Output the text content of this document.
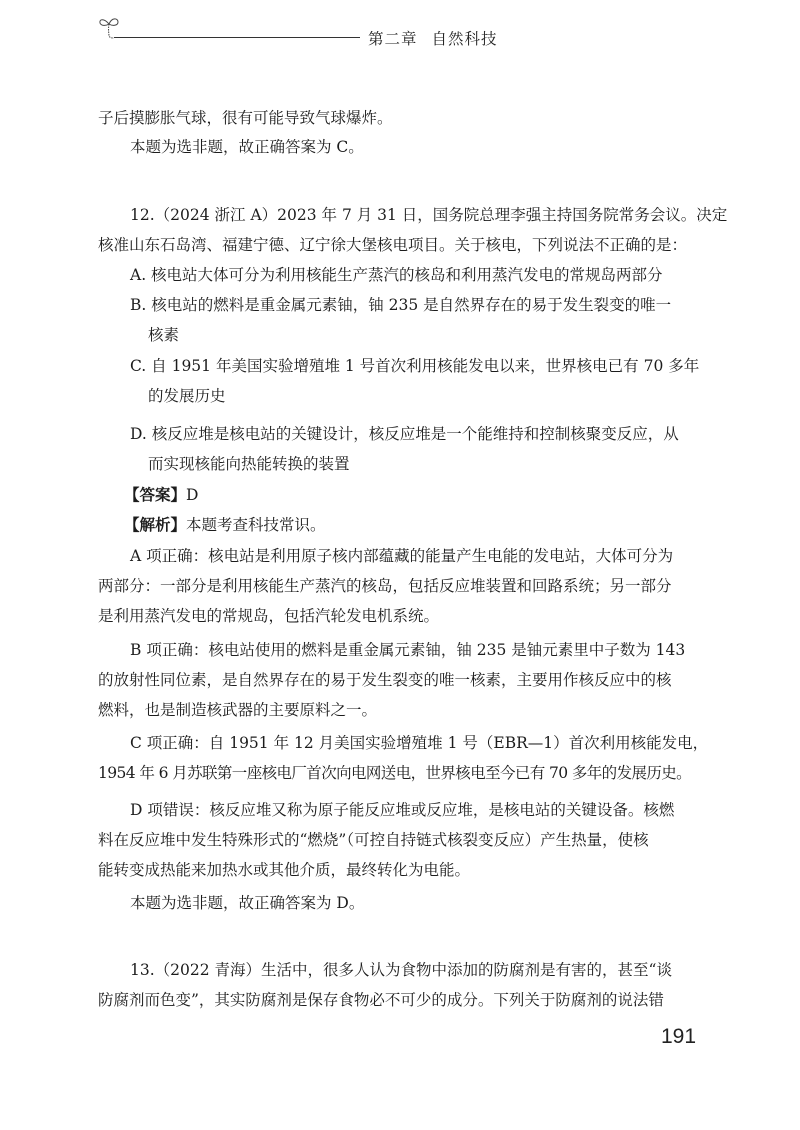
第二章 自然科技
子后摸膨胀气球，很有可能导致气球爆炸。
本题为选非题，故正确答案为 C。
12.（2024 浙江 A）2023 年 7 月 31 日，国务院总理李强主持国务院常务会议。决定
核准山东石岛湾、福建宁德、辽宁徐大堡核电项目。关于核电，下列说法不正确的是：
A. 核电站大体可分为利用核能生产蒸汽的核岛和利用蒸汽发电的常规岛两部分
B. 核电站的燃料是重金属元素铀，铀 235 是自然界存在的易于发生裂变的唯一
核素
C. 自 1951 年美国实验增殖堆 1 号首次利用核能发电以来，世界核电已有 70 多年
的发展历史
D. 核反应堆是核电站的关键设计，核反应堆是一个能维持和控制核聚变反应，从
而实现核能向热能转换的装置
【答案】D
【解析】本题考查科技常识。
A 项正确：核电站是利用原子核内部蕴藏的能量产生电能的发电站，大体可分为
两部分：一部分是利用核能生产蒸汽的核岛，包括反应堆装置和回路系统；另一部分
是利用蒸汽发电的常规岛，包括汽轮发电机系统。
B 项正确：核电站使用的燃料是重金属元素铀，铀 235 是铀元素里中子数为 143
的放射性同位素，是自然界存在的易于发生裂变的唯一核素，主要用作核反应中的核
燃料，也是制造核武器的主要原料之一。
C 项正确：自 1951 年 12 月美国实验增殖堆 1 号（EBR—1）首次利用核能发电，
1954 年 6 月苏联第一座核电厂首次向电网送电，世界核电至今已有 70 多年的发展历史。
D 项错误：核反应堆又称为原子能反应堆或反应堆，是核电站的关键设备。核燃
料在反应堆中发生特殊形式的“燃烧”（可控自持链式核裂变反应）产生热量，使核
能转变成热能来加热水或其他介质，最终转化为电能。
本题为选非题，故正确答案为 D。
13.（2022 青海）生活中，很多人认为食物中添加的防腐剂是有害的，甚至“谈
防腐剂而色变”，其实防腐剂是保存食物必不可少的成分。下列关于防腐剂的说法错
191
